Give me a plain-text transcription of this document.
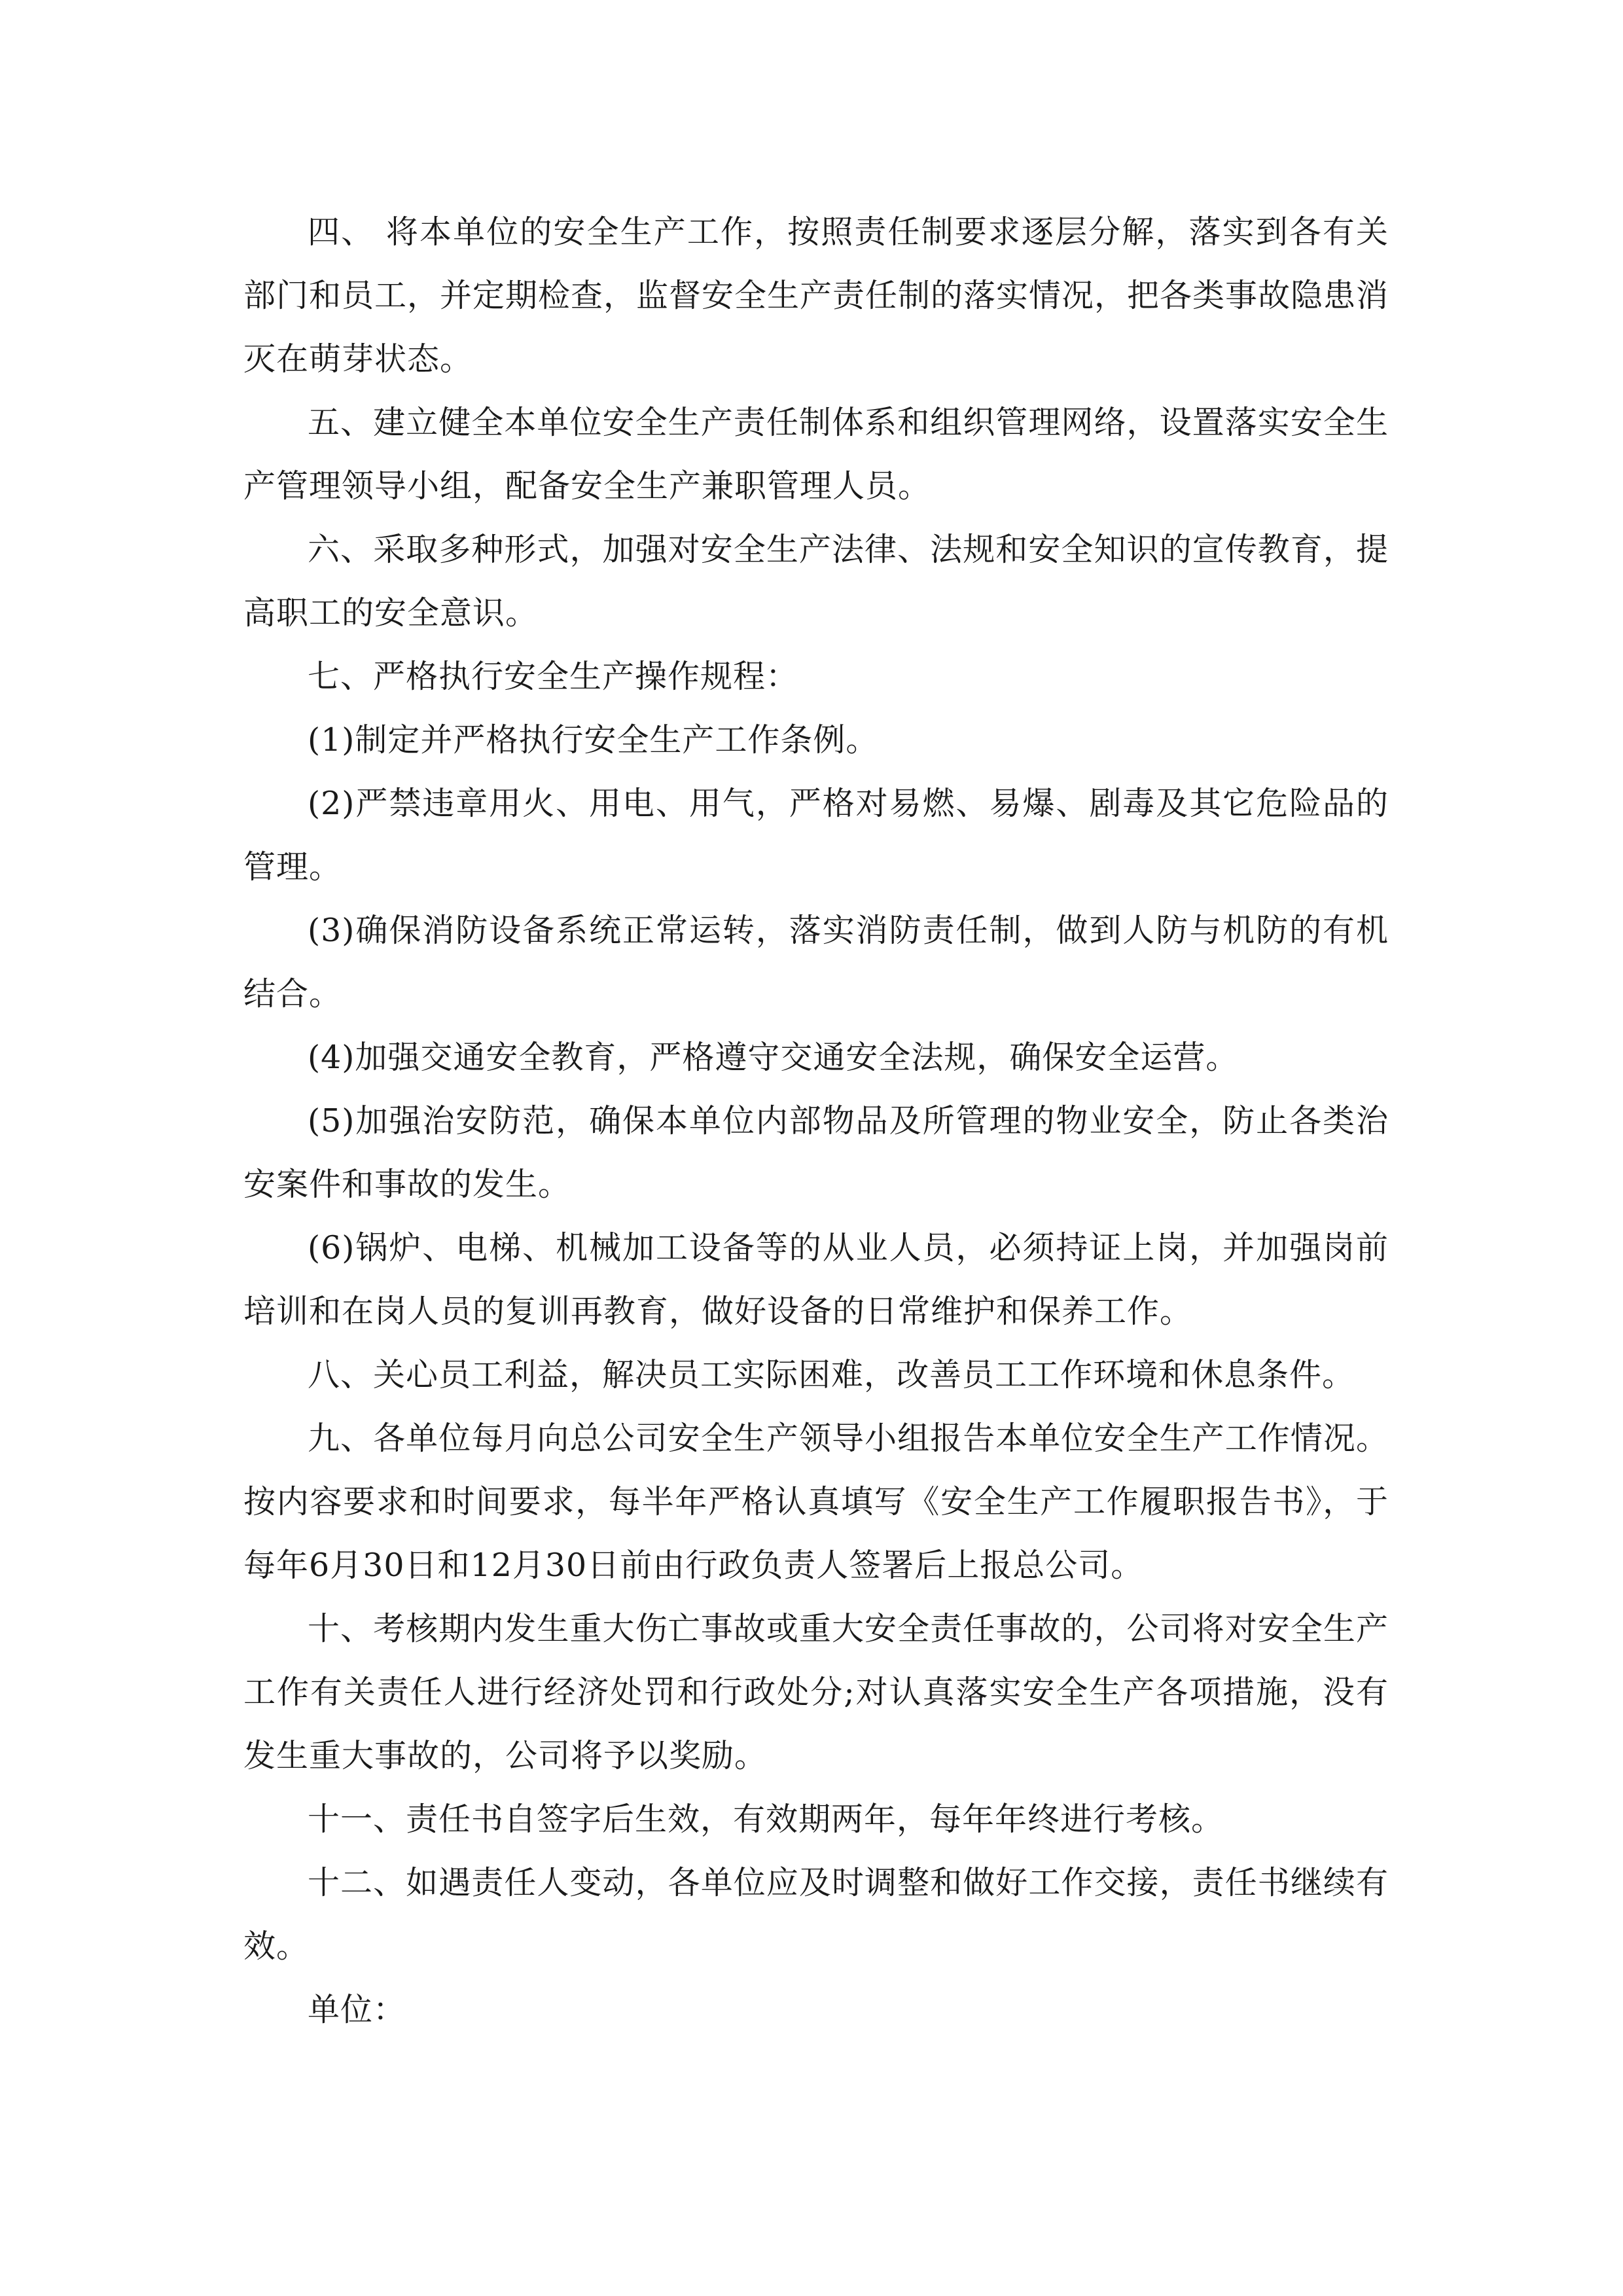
四、 将本单位的安全生产工作，按照责任制要求逐层分解，落实到各有关部门和员工，并定期检查，监督安全生产责任制的落实情况，把各类事故隐患消灭在萌芽状态。

五、建立健全本单位安全生产责任制体系和组织管理网络，设置落实安全生产管理领导小组，配备安全生产兼职管理人员。

六、采取多种形式，加强对安全生产法律、法规和安全知识的宣传教育，提高职工的安全意识。

七、严格执行安全生产操作规程：

(1)制定并严格执行安全生产工作条例。

(2)严禁违章用火、用电、用气，严格对易燃、易爆、剧毒及其它危险品的管理。

(3)确保消防设备系统正常运转，落实消防责任制，做到人防与机防的有机结合。

(4)加强交通安全教育，严格遵守交通安全法规，确保安全运营。

(5)加强治安防范，确保本单位内部物品及所管理的物业安全，防止各类治安案件和事故的发生。

(6)锅炉、电梯、机械加工设备等的从业人员，必须持证上岗，并加强岗前培训和在岗人员的复训再教育，做好设备的日常维护和保养工作。

八、关心员工利益，解决员工实际困难，改善员工工作环境和休息条件。

九、各单位每月向总公司安全生产领导小组报告本单位安全生产工作情况。按内容要求和时间要求，每半年严格认真填写《安全生产工作履职报告书》，于每年6月30日和12月30日前由行政负责人签署后上报总公司。

十、考核期内发生重大伤亡事故或重大安全责任事故的，公司将对安全生产工作有关责任人进行经济处罚和行政处分;对认真落实安全生产各项措施，没有发生重大事故的，公司将予以奖励。

十一、责任书自签字后生效，有效期两年，每年年终进行考核。

十二、如遇责任人变动，各单位应及时调整和做好工作交接，责任书继续有效。

单位：
